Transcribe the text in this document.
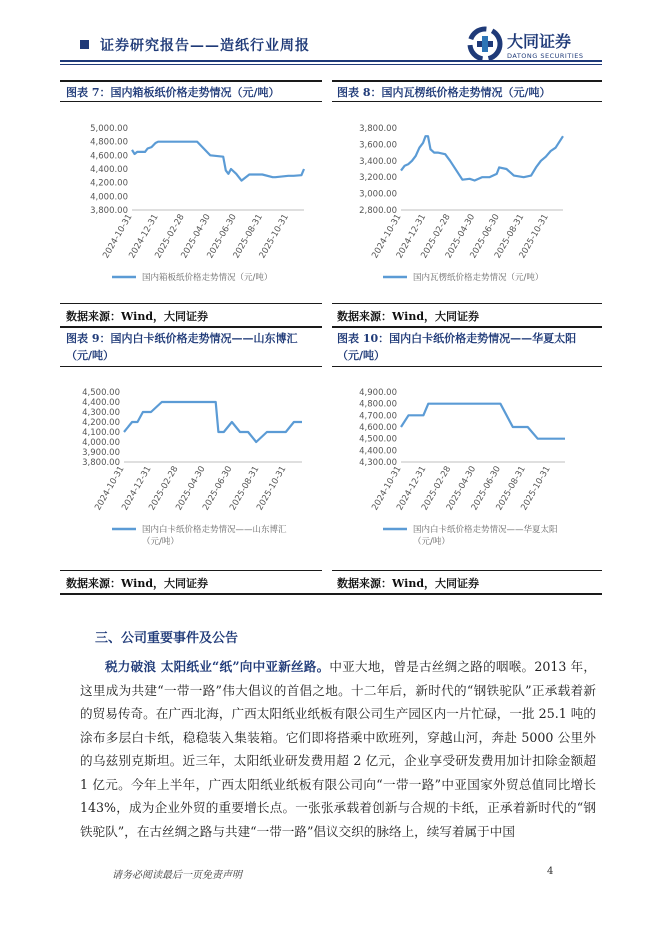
证券研究报告——造纸行业周报	大同证券
DATONG SECURITIES
图表 7：国内箱板纸价格走势情况（元/吨）	图表 8：国内瓦楞纸价格走势情况（元/吨）
5,000.00
4,800.00
4,600.00
4,400.00
4,200.00
4,000.00
3,800.00
2024-10-31
2024-12-31
2025-02-28
2025-04-30
2025-06-30
2025-08-31
2025-10-31
国内箱板纸价格走势情况（元/吨）
3,800.00
3,600.00
3,400.00
3,200.00
3,000.00
2,800.00
2024-10-31
2024-12-31
2025-02-28
2025-04-30
2025-06-30
2025-08-31
2025-10-31
国内瓦楞纸价格走势情况（元/吨）
数据来源：Wind，大同证券	数据来源：Wind，大同证券
图表 9：国内白卡纸价格走势情况——山东博汇（元/吨）
图表 10：国内白卡纸价格走势情况——华夏太阳（元/吨）
4,500.00
4,400.00
4,300.00
4,200.00
4,100.00
4,000.00
3,900.00
3,800.00
2024-10-31
2024-12-31
2025-02-28
2025-04-30
2025-06-30
2025-08-31
2025-10-31
国内白卡纸价格走势情况——山东博汇（元/吨）
4,900.00
4,800.00
4,700.00
4,600.00
4,500.00
4,400.00
4,300.00
2024-10-31
2024-12-31
2025-02-28
2025-04-30
2025-06-30
2025-08-31
2025-10-31
国内白卡纸价格走势情况——华夏太阳（元/吨）
数据来源：Wind，大同证券	数据来源：Wind，大同证券
三、公司重要事件及公告
税力破浪 太阳纸业“纸”向中亚新丝路。中亚大地，曾是古丝绸之路的咽喉。2013 年，这里成为共建“一带一路”伟大倡议的首倡之地。十二年后，新时代的“钢铁驼队”正承载着新的贸易传奇。在广西北海，广西太阳纸业纸板有限公司生产园区内一片忙碌，一批 25.1 吨的涂布多层白卡纸，稳稳装入集装箱。它们即将搭乘中欧班列，穿越山河，奔赴 5000 公里外的乌兹别克斯坦。近三年，太阳纸业研发费用超 2 亿元，企业享受研发费用加计扣除金额超 1 亿元。今年上半年，广西太阳纸业纸板有限公司向“一带一路”中亚国家外贸总值同比增长 143%，成为企业外贸的重要增长点。一张张承载着创新与合规的卡纸，正承着新时代的“钢铁驼队”，在古丝绸之路与共建“一带一路”倡议交织的脉络上，续写着属于中国
请务必阅读最后一页免责声明	4
